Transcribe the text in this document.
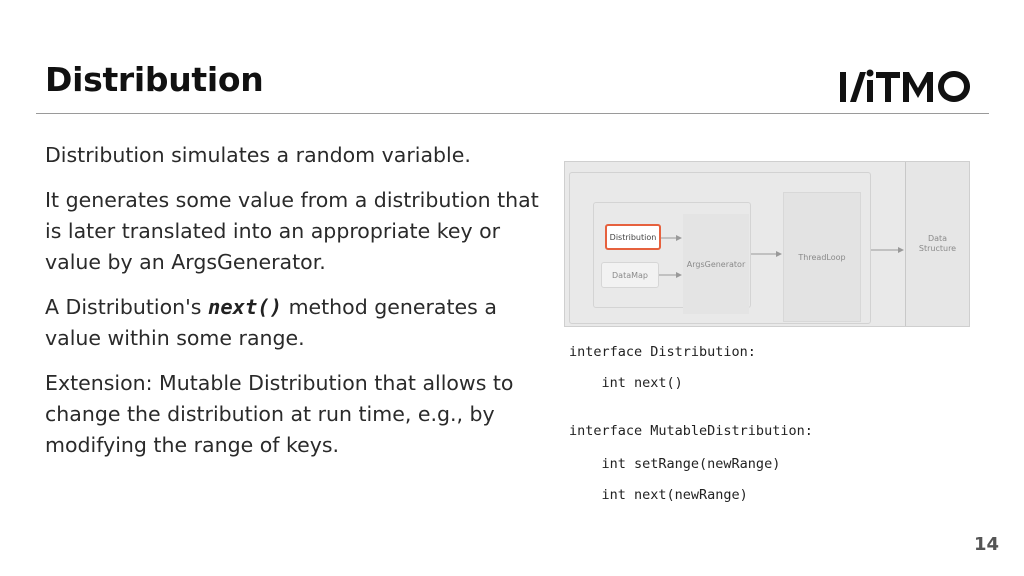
Distribution

Distribution simulates a random variable.

It generates some value from a distribution that is later translated into an appropriate key or value by an ArgsGenerator.

A Distribution's next() method generates a value within some range.

Extension: Mutable Distribution that allows to change the distribution at run time, e.g., by modifying the range of keys.

ArgsGenerator
ThreadLoop
Data
Structure
Distribution
DataMap
interface Distribution:
int next()
interface MutableDistribution:
int setRange(newRange)
int next(newRange)
14
